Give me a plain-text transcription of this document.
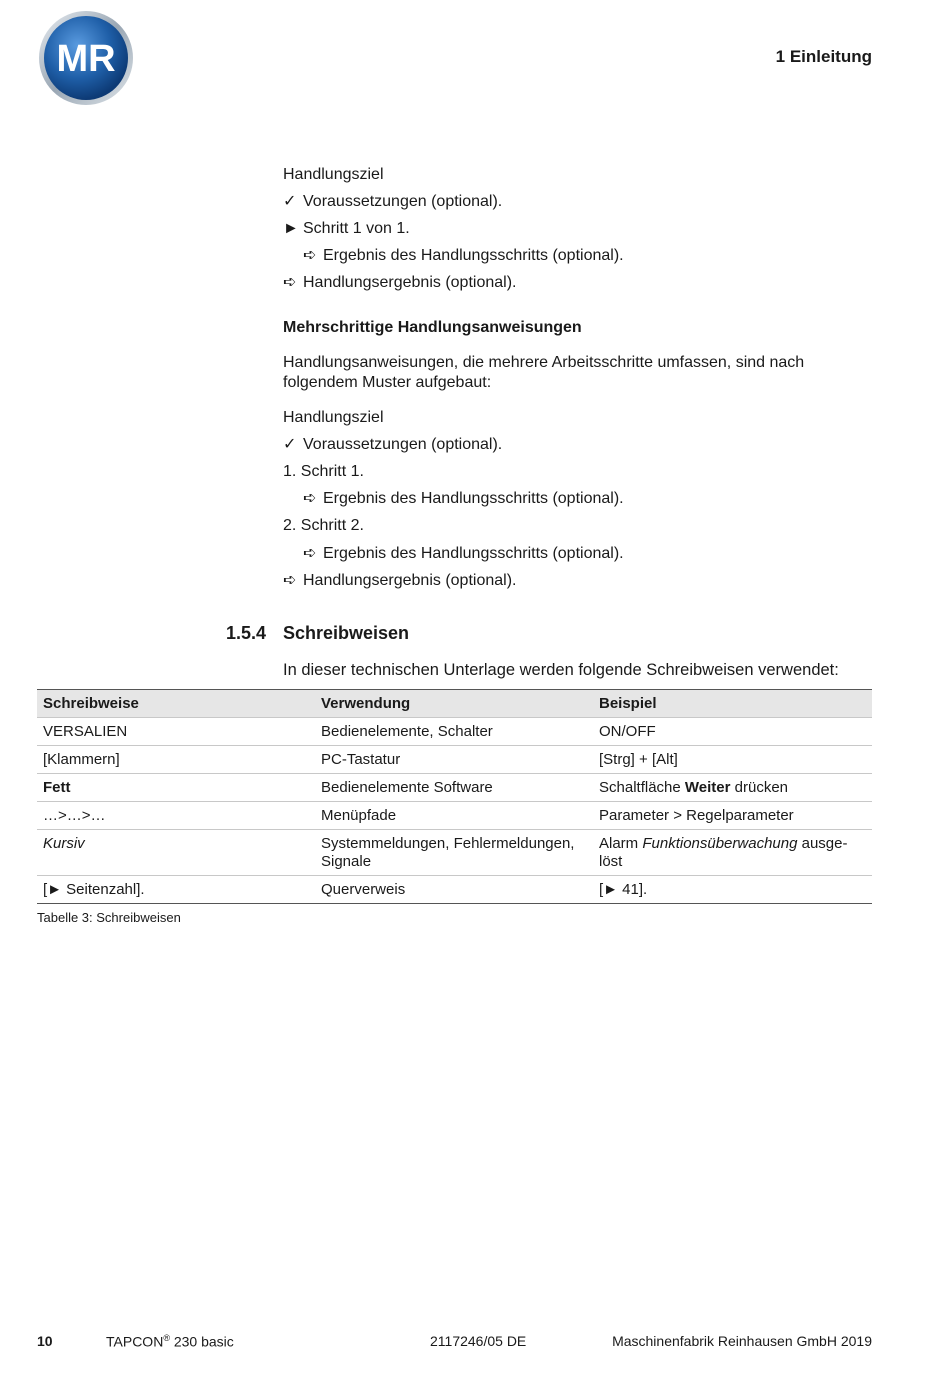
MR	1 Einleitung
Handlungsziel
✓ Voraussetzungen (optional).
► Schritt 1 von 1.
➪ Ergebnis des Handlungsschritts (optional).
➪ Handlungsergebnis (optional).
Mehrschrittige Handlungsanweisungen
Handlungsanweisungen, die mehrere Arbeitsschritte umfassen, sind nach
folgendem Muster aufgebaut:
Handlungsziel
✓ Voraussetzungen (optional).
1. Schritt 1.
➪ Ergebnis des Handlungsschritts (optional).
2. Schritt 2.
➪ Ergebnis des Handlungsschritts (optional).
➪ Handlungsergebnis (optional).
1.5.4 Schreibweisen
In dieser technischen Unterlage werden folgende Schreibweisen verwendet:
Schreibweise	Verwendung	Beispiel
VERSALIEN	Bedienelemente, Schalter	ON/OFF
[Klammern]	PC-Tastatur	[Strg] + [Alt]
Fett	Bedienelemente Software	Schaltfläche Weiter drücken
…>…>…	Menüpfade	Parameter > Regelparameter
Kursiv	Systemmeldungen, Fehlermeldungen, Signale	Alarm Funktionsüberwachung ausge-löst
[► Seitenzahl].	Querverweis	[► 41].
Tabelle 3: Schreibweisen
10	TAPCON® 230 basic	2117246/05 DE	Maschinenfabrik Reinhausen GmbH 2019
